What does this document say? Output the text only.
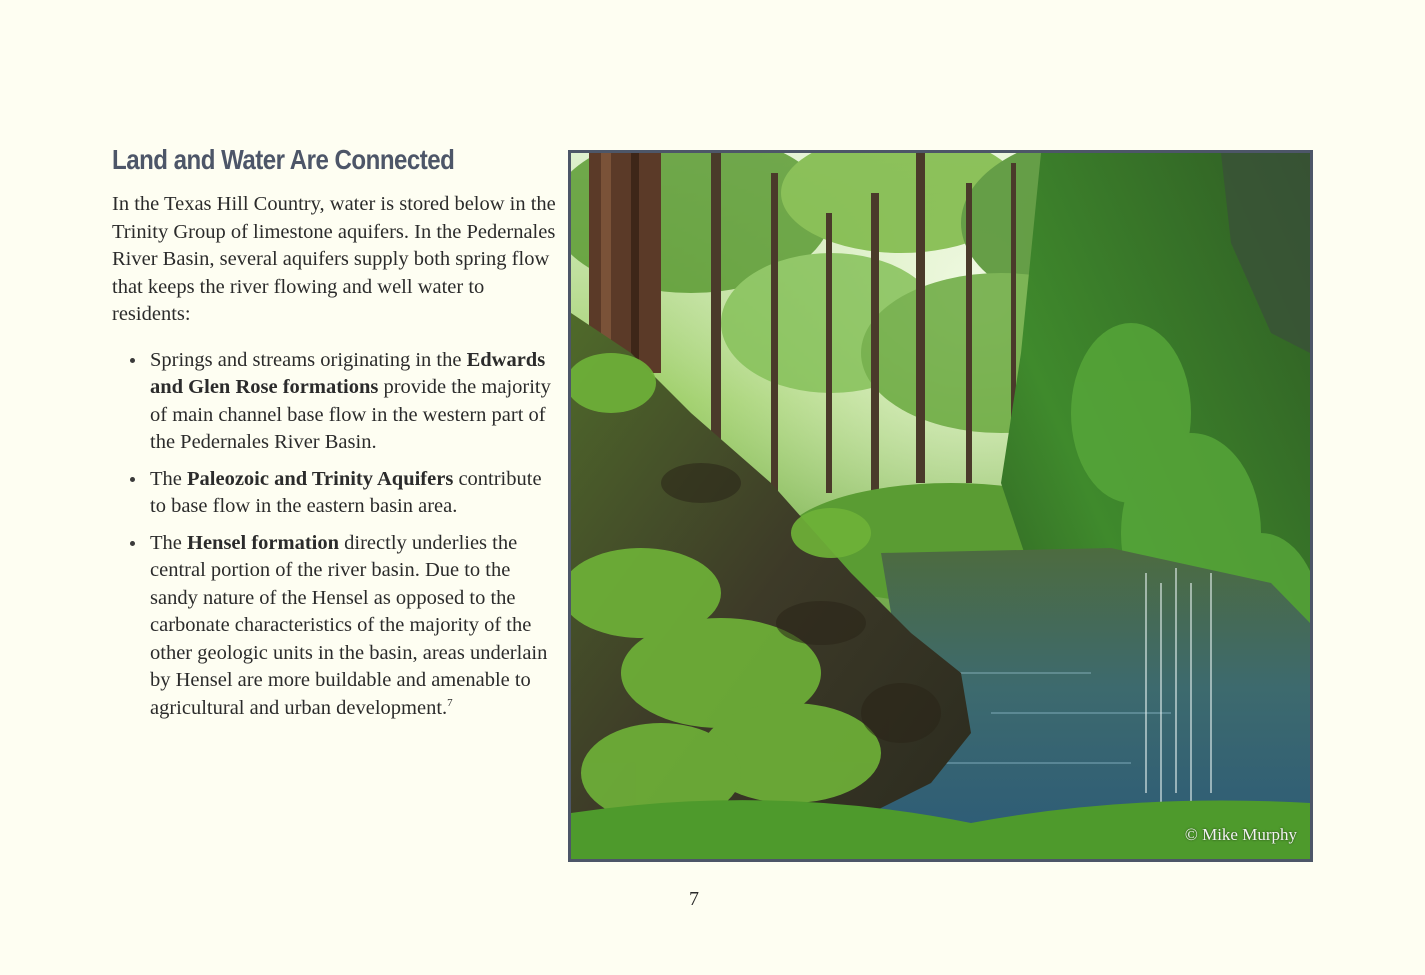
Land and Water Are Connected

In the Texas Hill Country, water is stored below in the Trinity Group of limestone aquifers. In the Pedernales River Basin, several aquifers supply both spring flow that keeps the river flowing and well water to residents:

Springs and streams originating in the Edwards and Glen Rose formations provide the majority of main channel base flow in the western part of the Pedernales River Basin.
The Paleozoic and Trinity Aquifers contribute to base flow in the eastern basin area.
The Hensel formation directly underlies the central portion of the river basin. Due to the sandy nature of the Hensel as opposed to the carbonate characteristics of the majority of the other geologic units in the basin, areas underlain by Hensel are more buildable and amenable to agricultural and urban development.$^7$
© Mike Murphy
7
